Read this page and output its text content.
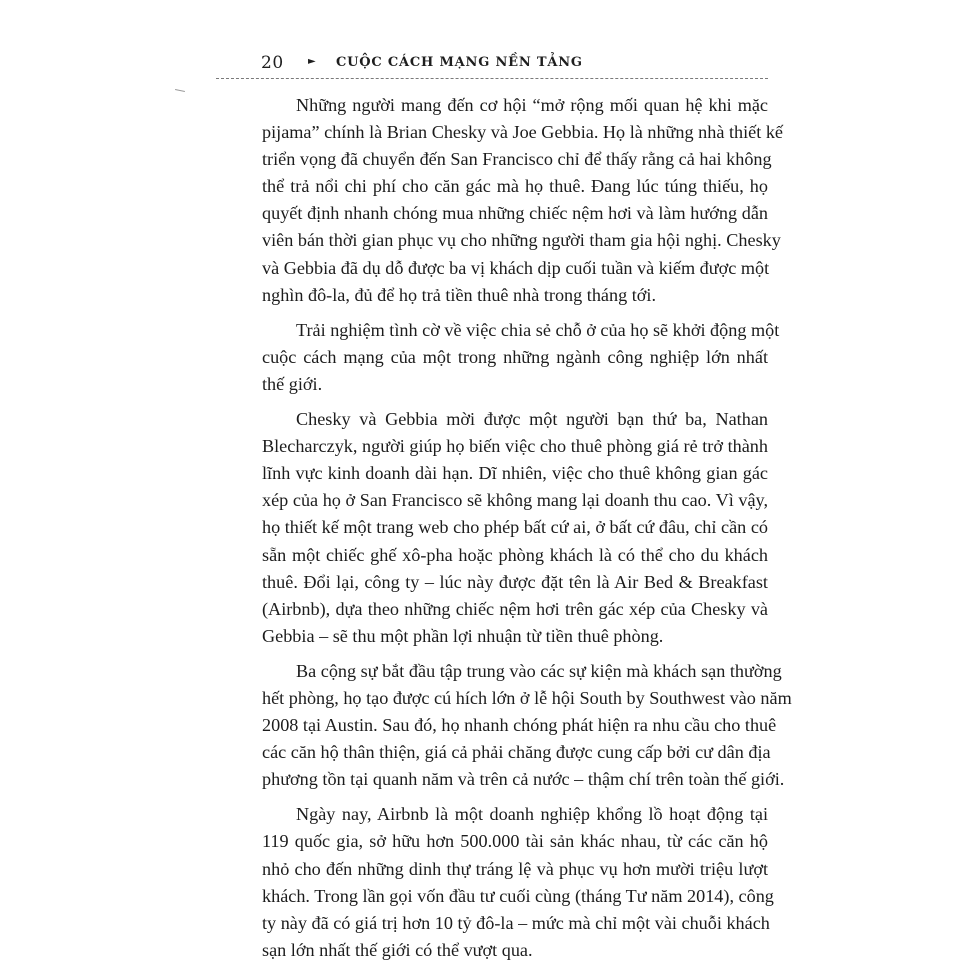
20 ► CUỘC CÁCH MẠNG NỀN TẢNG
Những người mang đến cơ hội “mở rộng mối quan hệ khi mặc
pijama” chính là Brian Chesky và Joe Gebbia. Họ là những nhà thiết kế
triển vọng đã chuyển đến San Francisco chỉ để thấy rằng cả hai không
thể trả nổi chi phí cho căn gác mà họ thuê. Đang lúc túng thiếu, họ
quyết định nhanh chóng mua những chiếc nệm hơi và làm hướng dẫn
viên bán thời gian phục vụ cho những người tham gia hội nghị. Chesky
và Gebbia đã dụ dỗ được ba vị khách dịp cuối tuần và kiếm được một
nghìn đô-la, đủ để họ trả tiền thuê nhà trong tháng tới.
Trải nghiệm tình cờ về việc chia sẻ chỗ ở của họ sẽ khởi động một
cuộc cách mạng của một trong những ngành công nghiệp lớn nhất
thế giới.
Chesky và Gebbia mời được một người bạn thứ ba, Nathan
Blecharczyk, người giúp họ biến việc cho thuê phòng giá rẻ trở thành
lĩnh vực kinh doanh dài hạn. Dĩ nhiên, việc cho thuê không gian gác
xép của họ ở San Francisco sẽ không mang lại doanh thu cao. Vì vậy,
họ thiết kế một trang web cho phép bất cứ ai, ở bất cứ đâu, chỉ cần có
sẵn một chiếc ghế xô-pha hoặc phòng khách là có thể cho du khách
thuê. Đổi lại, công ty – lúc này được đặt tên là Air Bed & Breakfast
(Airbnb), dựa theo những chiếc nệm hơi trên gác xép của Chesky và
Gebbia – sẽ thu một phần lợi nhuận từ tiền thuê phòng.
Ba cộng sự bắt đầu tập trung vào các sự kiện mà khách sạn thường
hết phòng, họ tạo được cú hích lớn ở lễ hội South by Southwest vào năm
2008 tại Austin. Sau đó, họ nhanh chóng phát hiện ra nhu cầu cho thuê
các căn hộ thân thiện, giá cả phải chăng được cung cấp bởi cư dân địa
phương tồn tại quanh năm và trên cả nước – thậm chí trên toàn thế giới.
Ngày nay, Airbnb là một doanh nghiệp khổng lồ hoạt động tại
119 quốc gia, sở hữu hơn 500.000 tài sản khác nhau, từ các căn hộ
nhỏ cho đến những dinh thự tráng lệ và phục vụ hơn mười triệu lượt
khách. Trong lần gọi vốn đầu tư cuối cùng (tháng Tư năm 2014), công
ty này đã có giá trị hơn 10 tỷ đô-la – mức mà chỉ một vài chuỗi khách
sạn lớn nhất thế giới có thể vượt qua.
